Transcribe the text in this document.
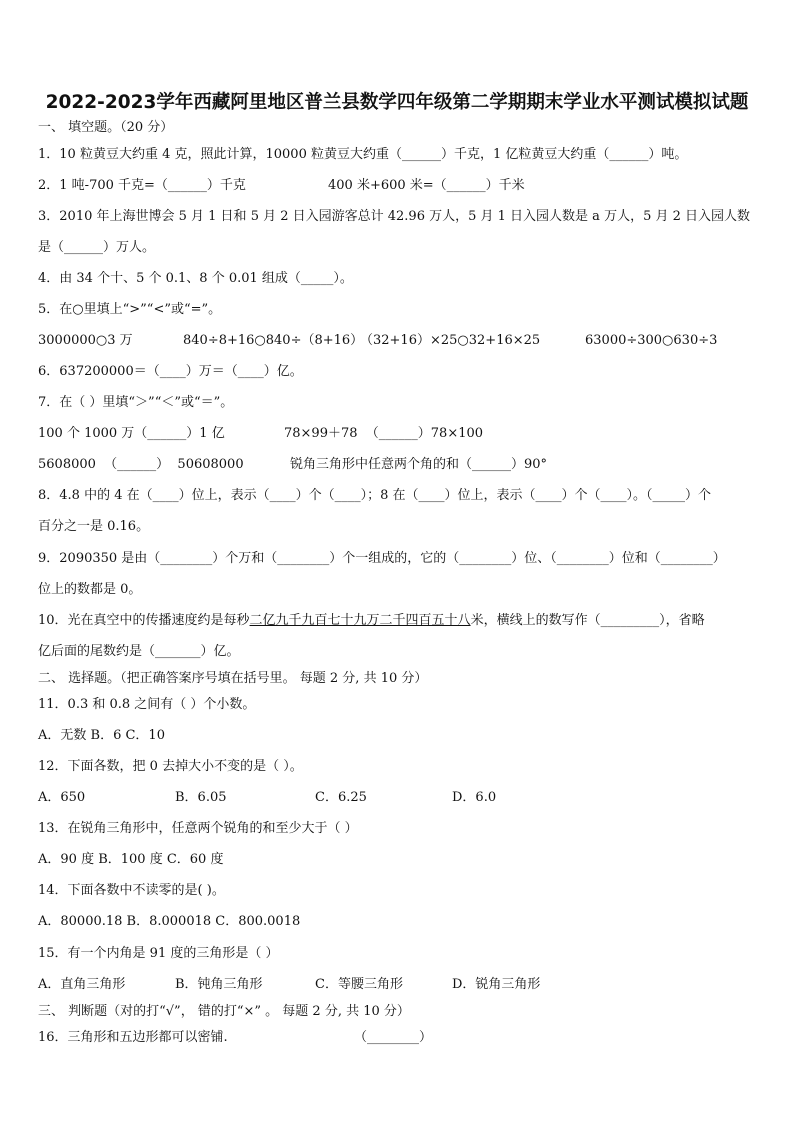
2022-2023学年西藏阿里地区普兰县数学四年级第二学期期末学业水平测试模拟试题
一、 填空题。（20 分）
1．10 粒黄豆大约重 4 克，照此计算，10000 粒黄豆大约重（______）千克，1 亿粒黄豆大约重（______）吨。
2．1 吨-700 千克=（______）千克	400 米+600 米=（______）千米
3．2010 年上海世博会 5 月 1 日和 5 月 2 日入园游客总计 42.96 万人，5 月 1 日入园人数是 a 万人，5 月 2 日入园人数
是（______）万人。
4．由 34 个十、5 个 0.1、8 个 0.01 组成（_____）。
5．在○里填上“>”“<”或“=”。
3000000○3 万	840÷8+16○840÷（8+16）
（32+16）×25○32+16×25	63000÷300○630÷3
6．637200000＝（____）万＝（____）亿。
7．在（ ）里填“＞”“＜”或“＝”。
100 个 1000 万（______）1 亿	78×99＋78  （______）78×100
5608000  （______）  50608000	锐角三角形中任意两个角的和（______）90°
8．4.8 中的 4 在（____）位上，表示（____）个（____）；8 在（____）位上，表示（____）个（____）。（_____）个
百分之一是 0.16。
9．2090350 是由（________）个万和（________）个一组成的，它的（________）位、（________）位和（________）
位上的数都是 0。
10．光在真空中的传播速度约是每秒二亿九千九百七十九万二千四百五十八米，横线上的数写作（_________），省略
亿后面的尾数约是（_______）亿。
二、 选择题。（把正确答案序号填在括号里。 每题 2 分, 共 10 分）
11．0.3 和 0.8 之间有（ ）个小数。
A．无数 B．6 C．10
12．下面各数，把 0 去掉大小不变的是（ ）。
A．650	B．6.05	C．6.25	D．6.0
13．在锐角三角形中，任意两个锐角的和至少大于（ ）
A．90 度 B．100 度 C．60 度
14．下面各数中不读零的是( )。
A．80000.18 B．8.000018 C．800.0018
15．有一个内角是 91 度的三角形是（ ）
A．直角三角形	B．钝角三角形	C．等腰三角形	D．锐角三角形
三、 判断题（对的打“√”， 错的打“×” 。 每题 2 分, 共 10 分）
16．三角形和五边形都可以密铺.	（________）
